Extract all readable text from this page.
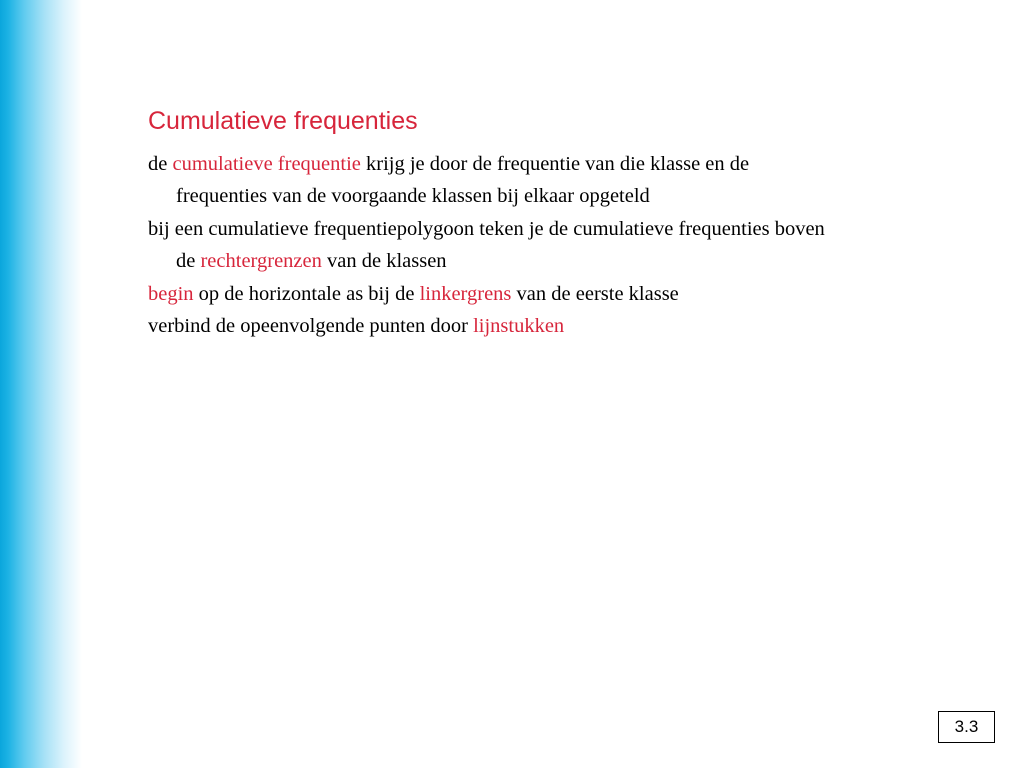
Cumulatieve frequenties
de cumulatieve frequentie krijg je door de frequentie van die klasse en de
frequenties van de voorgaande klassen bij elkaar opgeteld
bij een cumulatieve frequentiepolygoon teken je de cumulatieve frequenties boven
de rechtergrenzen van de klassen
begin op de horizontale as bij de linkergrens van de eerste klasse
verbind de opeenvolgende punten door lijnstukken
3.3
